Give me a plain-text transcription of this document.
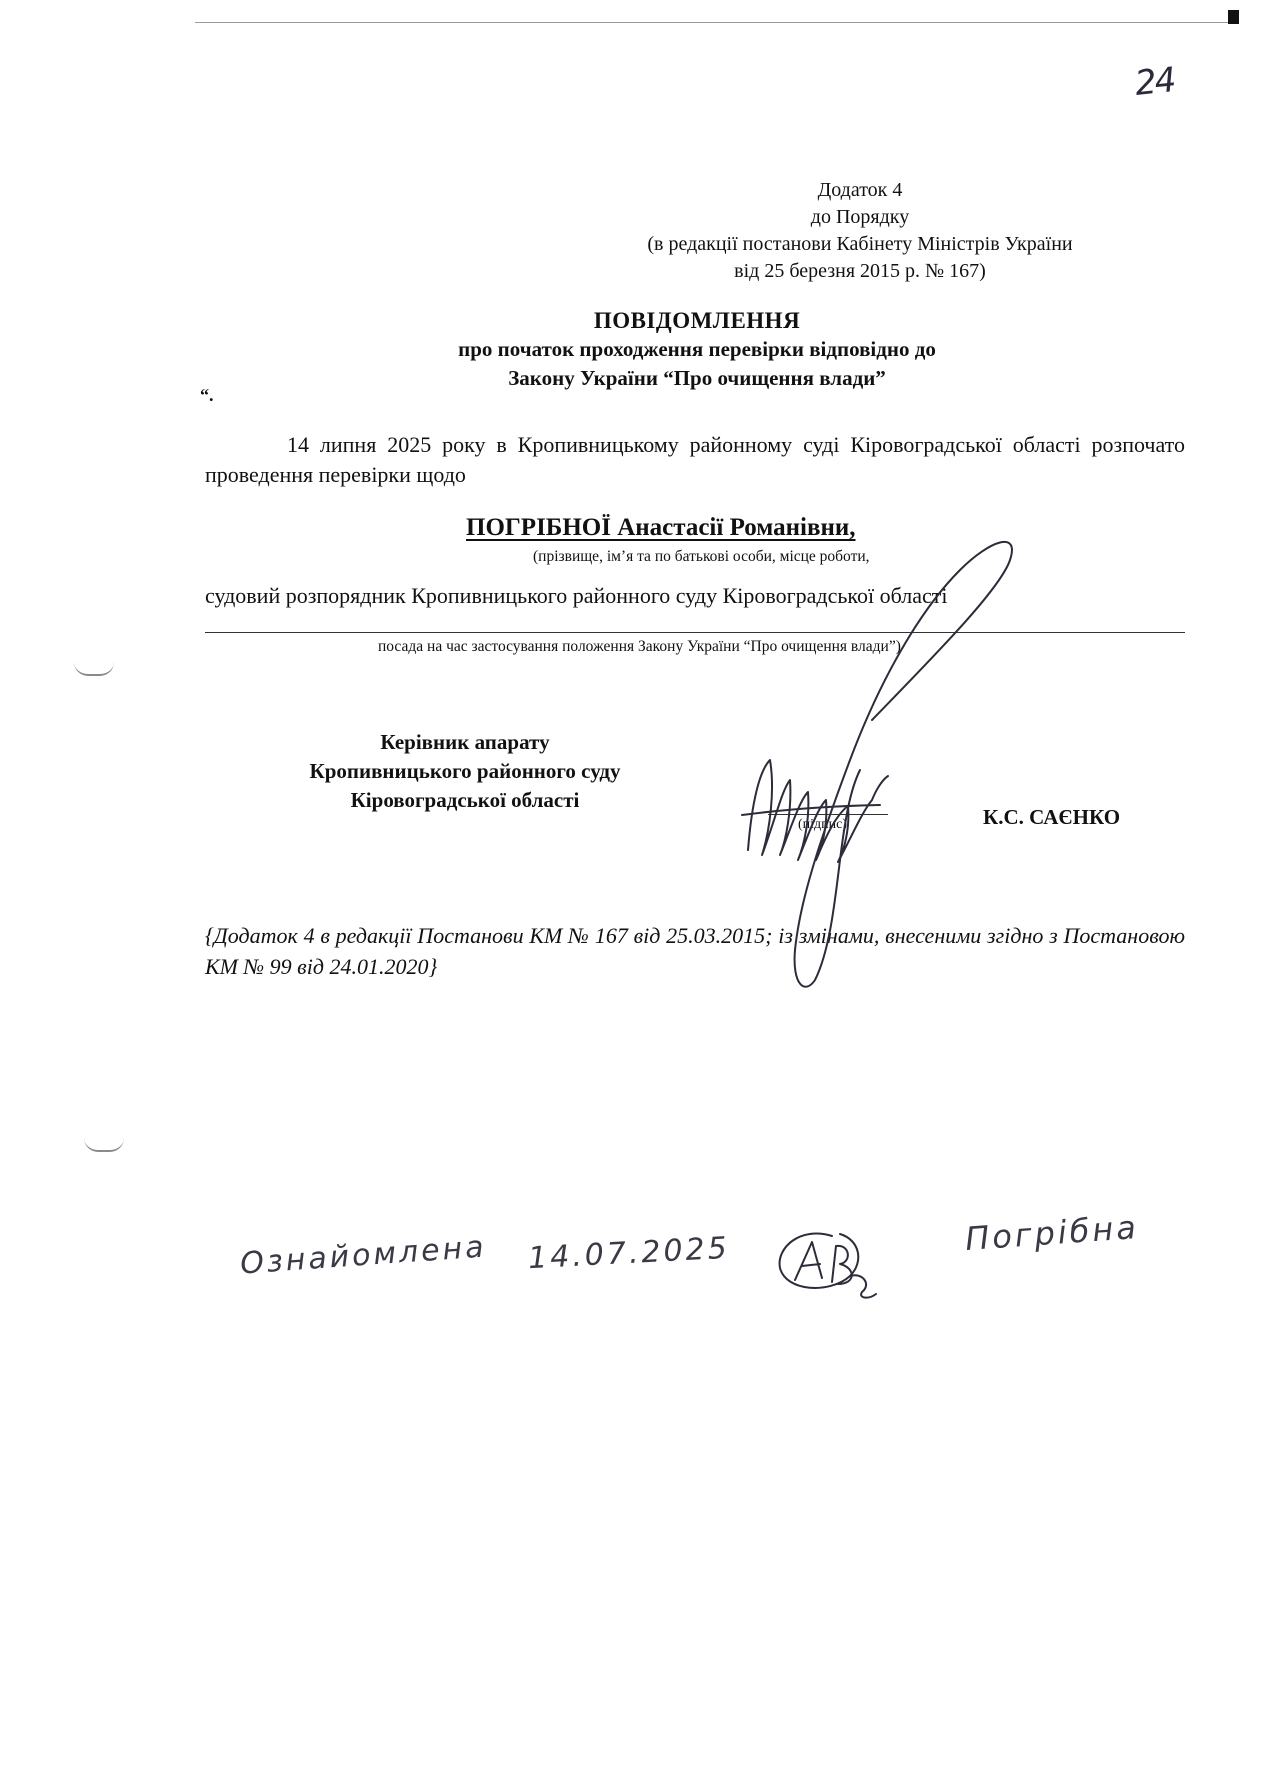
24
Додаток 4
до Порядку
(в редакції постанови Кабінету Міністрів України
від 25 березня 2015 р. № 167)
ПОВІДОМЛЕННЯ
про початок проходження перевірки відповідно до
Закону України “Про очищення влади”
“.
14 липня 2025 року в Кропивницькому районному суді Кіровоградської області розпочато проведення перевірки щодо
ПОГРІБНОЇ Анастасії Романівни,
(прізвище, ім’я та по батькові особи, місце роботи,
судовий розпорядник Кропивницького районного суду Кіровоградської області
посада на час застосування положення Закону України “Про очищення влади”)
Керівник апарату
Кропивницького районного суду
Кіровоградської області
(підпис)	К.С. САЄНКО
{Додаток 4 в редакції Постанови КМ № 167 від 25.03.2015; із змінами, внесеними згідно з Постановою КМ № 99 від 24.01.2020}
Ознайомлена 14.07.2025	Погрібна
